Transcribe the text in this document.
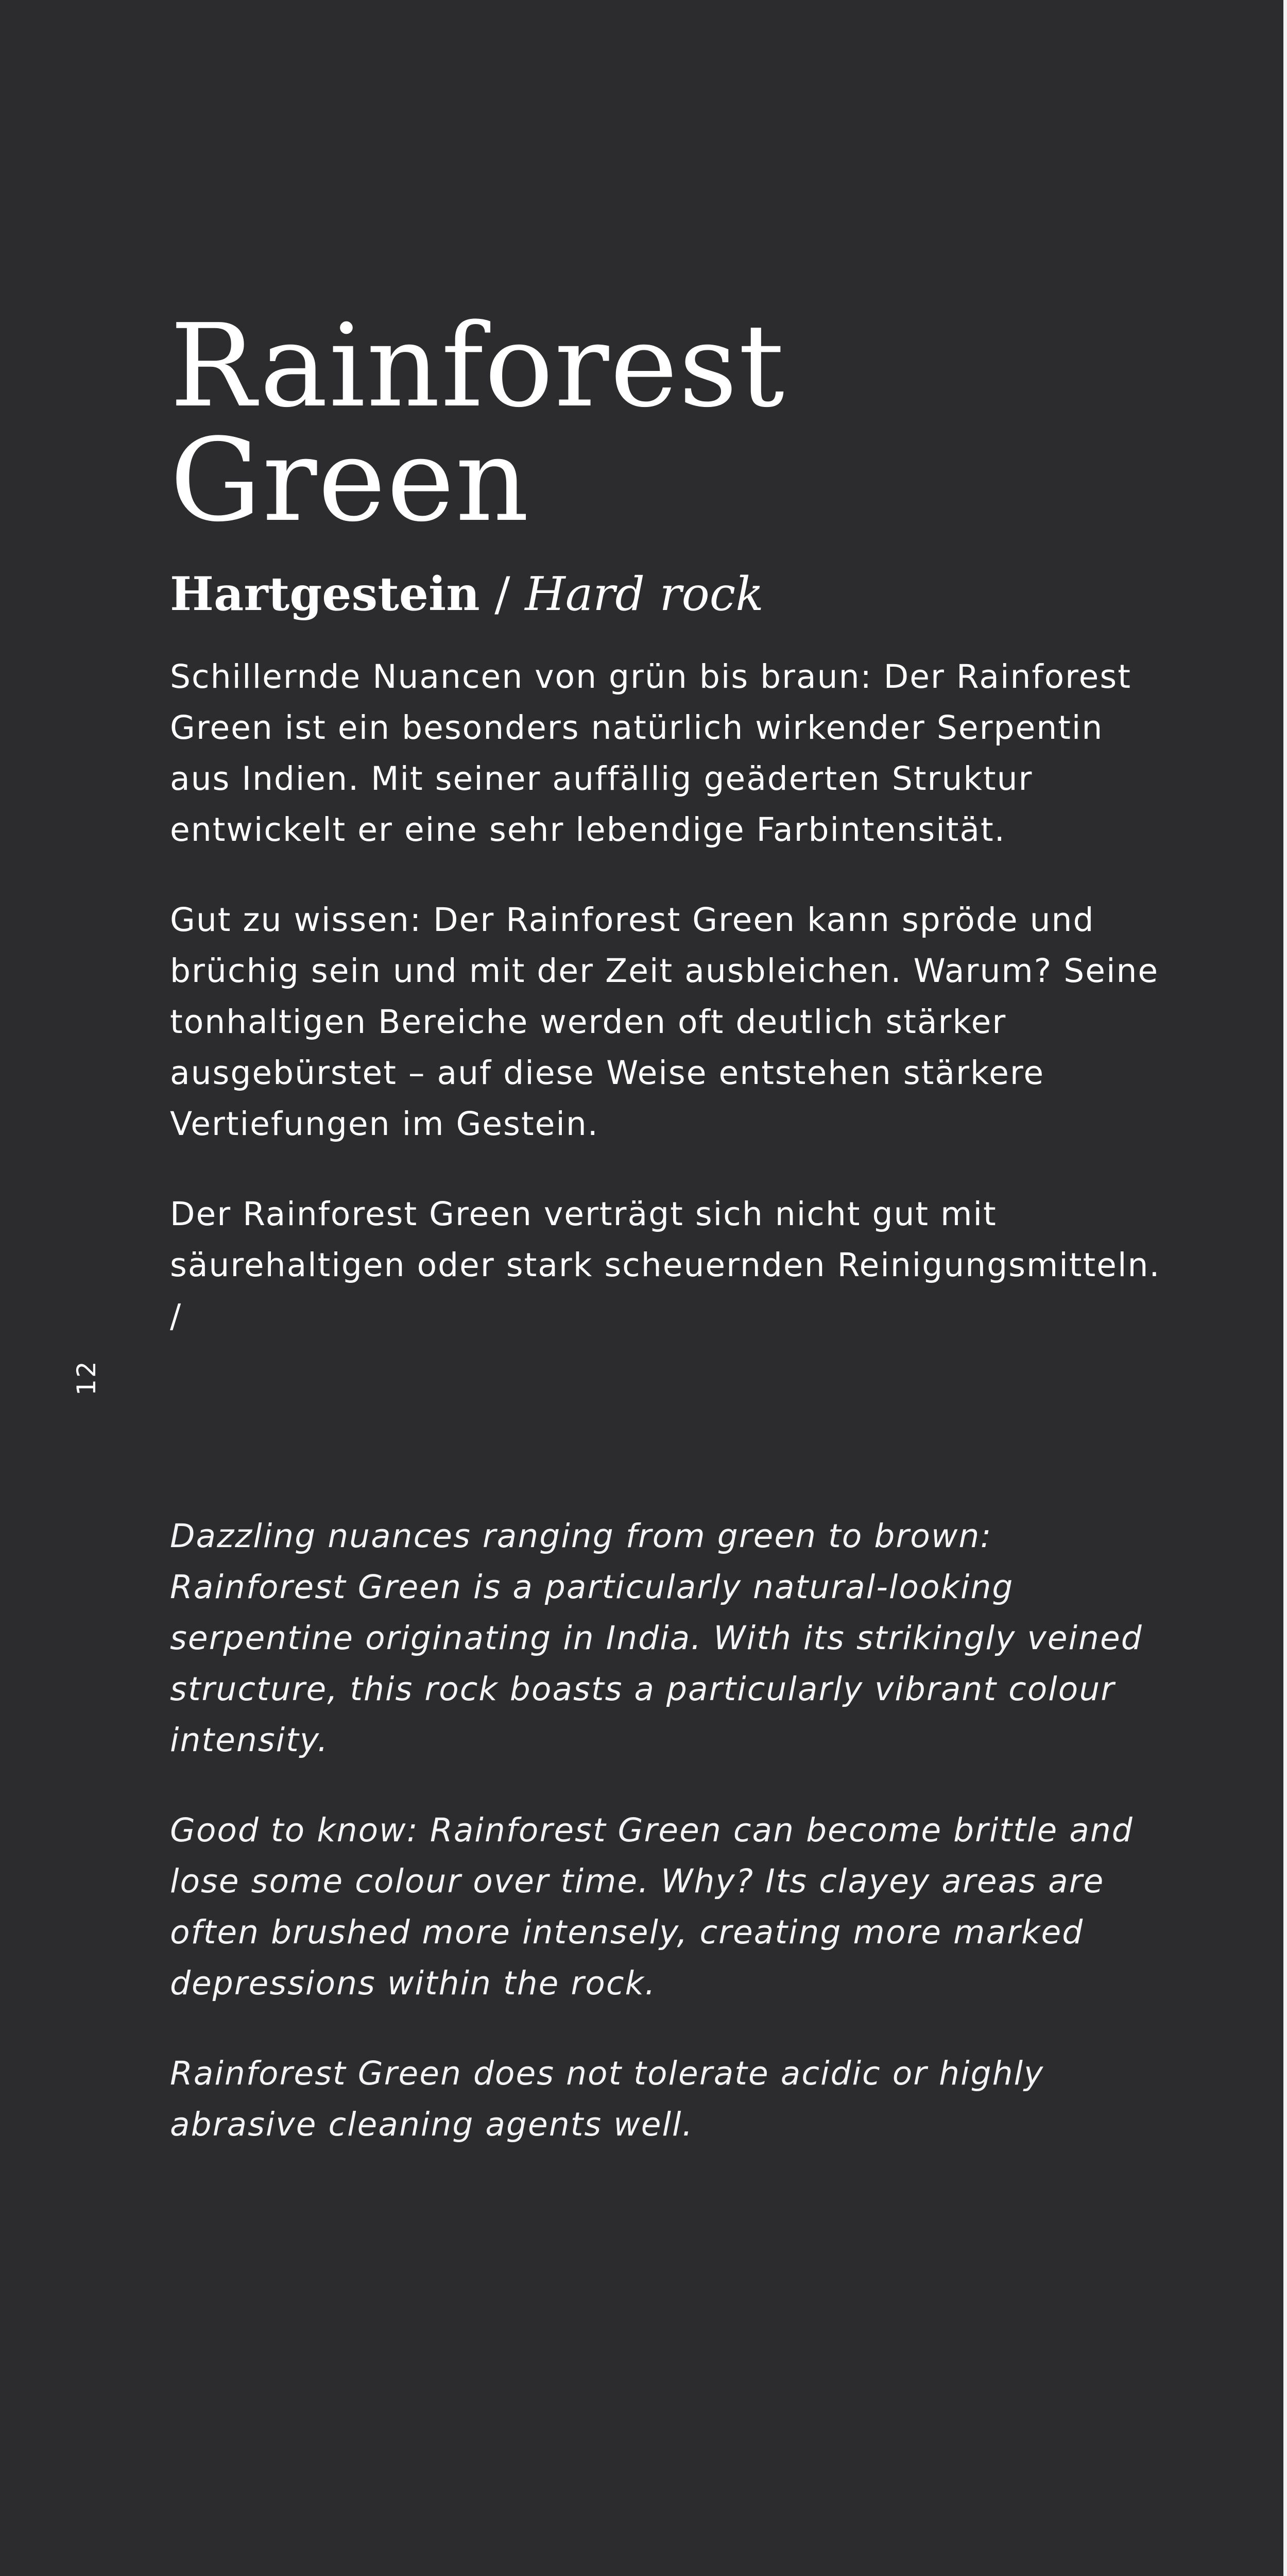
12
Rainforest Green
Hartgestein / Hard rock

Schillernde Nuancen von grün bis braun: Der Rainforest Green ist ein besonders natürlich wirkender Serpentin aus Indien. Mit seiner auffällig geäderten Struktur entwickelt er eine sehr lebendige Farbintensität.

Gut zu wissen: Der Rainforest Green kann spröde und brüchig sein und mit der Zeit ausbleichen. Warum? Seine tonhaltigen Bereiche werden oft deutlich stärker ausgebürstet – auf diese Weise entstehen stärkere Vertiefungen im Gestein.

Der Rainforest Green verträgt sich nicht gut mit säurehaltigen oder stark scheuernden Reinigungsmitteln. /

Dazzling nuances ranging from green to brown: Rainforest Green is a particularly natural-looking serpentine originating in India. With its strikingly veined structure, this rock boasts a particularly vibrant colour intensity.

Good to know: Rainforest Green can become brittle and lose some colour over time. Why? Its clayey areas are often brushed more intensely, creating more marked depressions within the rock.

Rainforest Green does not tolerate acidic or highly abrasive cleaning agents well.
